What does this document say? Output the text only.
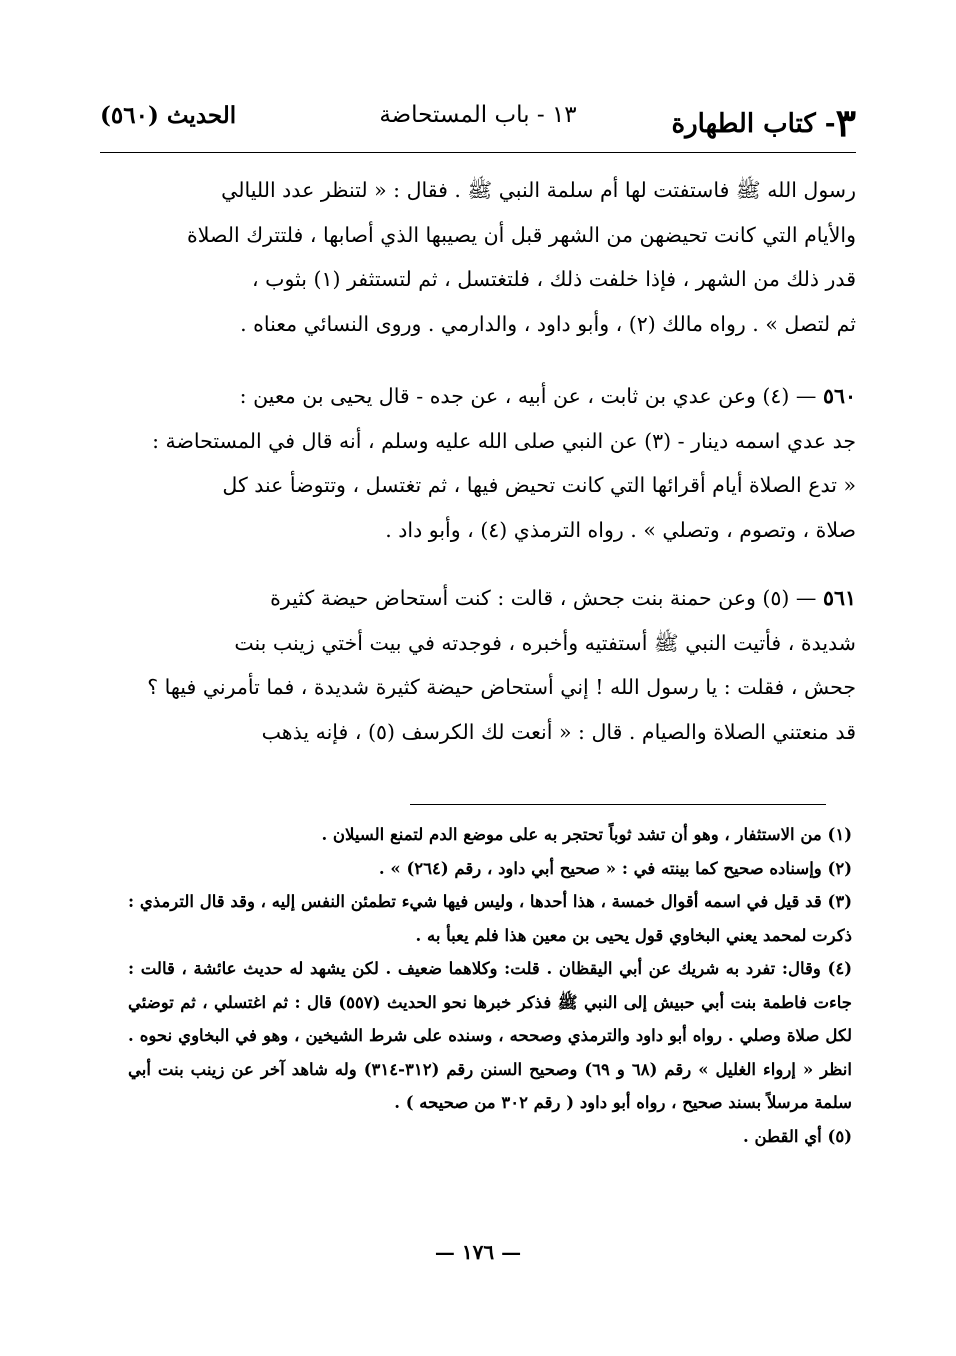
٣- كتاب الطهارة
١٣ - باب المستحاضة
الحديث (٥٦٠)

رسول الله ﷺ فاستفتت لها أم سلمة النبي ﷺ . فقال : « لتنظر عدد الليالي

والأيام التي كانت تحيضهن من الشهر قبل أن يصيبها الذي أصابها ، فلتترك الصلاة

قدر ذلك من الشهر ، فإذا خلفت ذلك ، فلتغتسل ، ثم لتستثفر (١) بثوب ،

ثم لتصل » . رواه مالك (٢) ، وأبو داود ، والدارمي . وروى النسائي معناه .

٥٦٠ — (٤) وعن عدي بن ثابت ، عن أبيه ، عن جده - قال يحيى بن معين :

جد عدي اسمه دينار - (٣) عن النبي صلى الله عليه وسلم ، أنه قال في المستحاضة :

« تدع الصلاة أيام أقرائها التي كانت تحيض فيها ، ثم تغتسل ، وتتوضأ عند كل

صلاة ، وتصوم ، وتصلي » . رواه الترمذي (٤) ، وأبو داد .

٥٦١ — (٥) وعن حمنة بنت جحش ، قالت : كنت أستحاض حيضة كثيرة

شديدة ، فأتيت النبي ﷺ أستفتيه وأخبره ، فوجدته في بيت أختي زينب بنت

جحش ، فقلت : يا رسول الله ! إني أستحاض حيضة كثيرة شديدة ، فما تأمرني فيها ؟

قد منعتني الصلاة والصيام . قال : « أنعت لك الكرسف (٥) ، فإنه يذهب

(١) من الاستثفار ، وهو أن تشد ثوباً تحتجر به على موضع الدم لتمنع السيلان .

(٢) وإسناده صحيح كما بينته في : « صحيح أبي داود ، رقم (٢٦٤) » .

(٣) قد قيل في اسمه أقوال خمسة ، هذا أحدها ، وليس فيها شيء تطمئن النفس إليه ، وقد قال الترمذي : ذكرت لمحمد يعني البخاوي قول يحيى بن معين هذا فلم يعبأ به .

(٤) وقال: تفرد به شريك عن أبي اليقظان . قلت: وكلاهما ضعيف . لكن يشهد له حديث عائشة ، قالت : جاءت فاطمة بنت أبي حبيش إلى النبي ﷺ فذكر خبرها نحو الحديث (٥٥٧) قال : ثم اغتسلي ، ثم توضئي لكل صلاة وصلي . رواه أبو داود والترمذي وصححه ، وسنده على شرط الشيخين ، وهو في البخاوي نحوه . انظر « إرواء الغليل » رقم (٦٨ و ٦٩) وصحيح السنن رقم (٣١٢-٣١٤) وله شاهد آخر عن زينب بنت أبي سلمة مرسلاً بسند صحيح ، رواه أبو داود ( رقم ٣٠٢ من صحيحه ) .

(٥) أي القطن .

— ١٧٦ —
